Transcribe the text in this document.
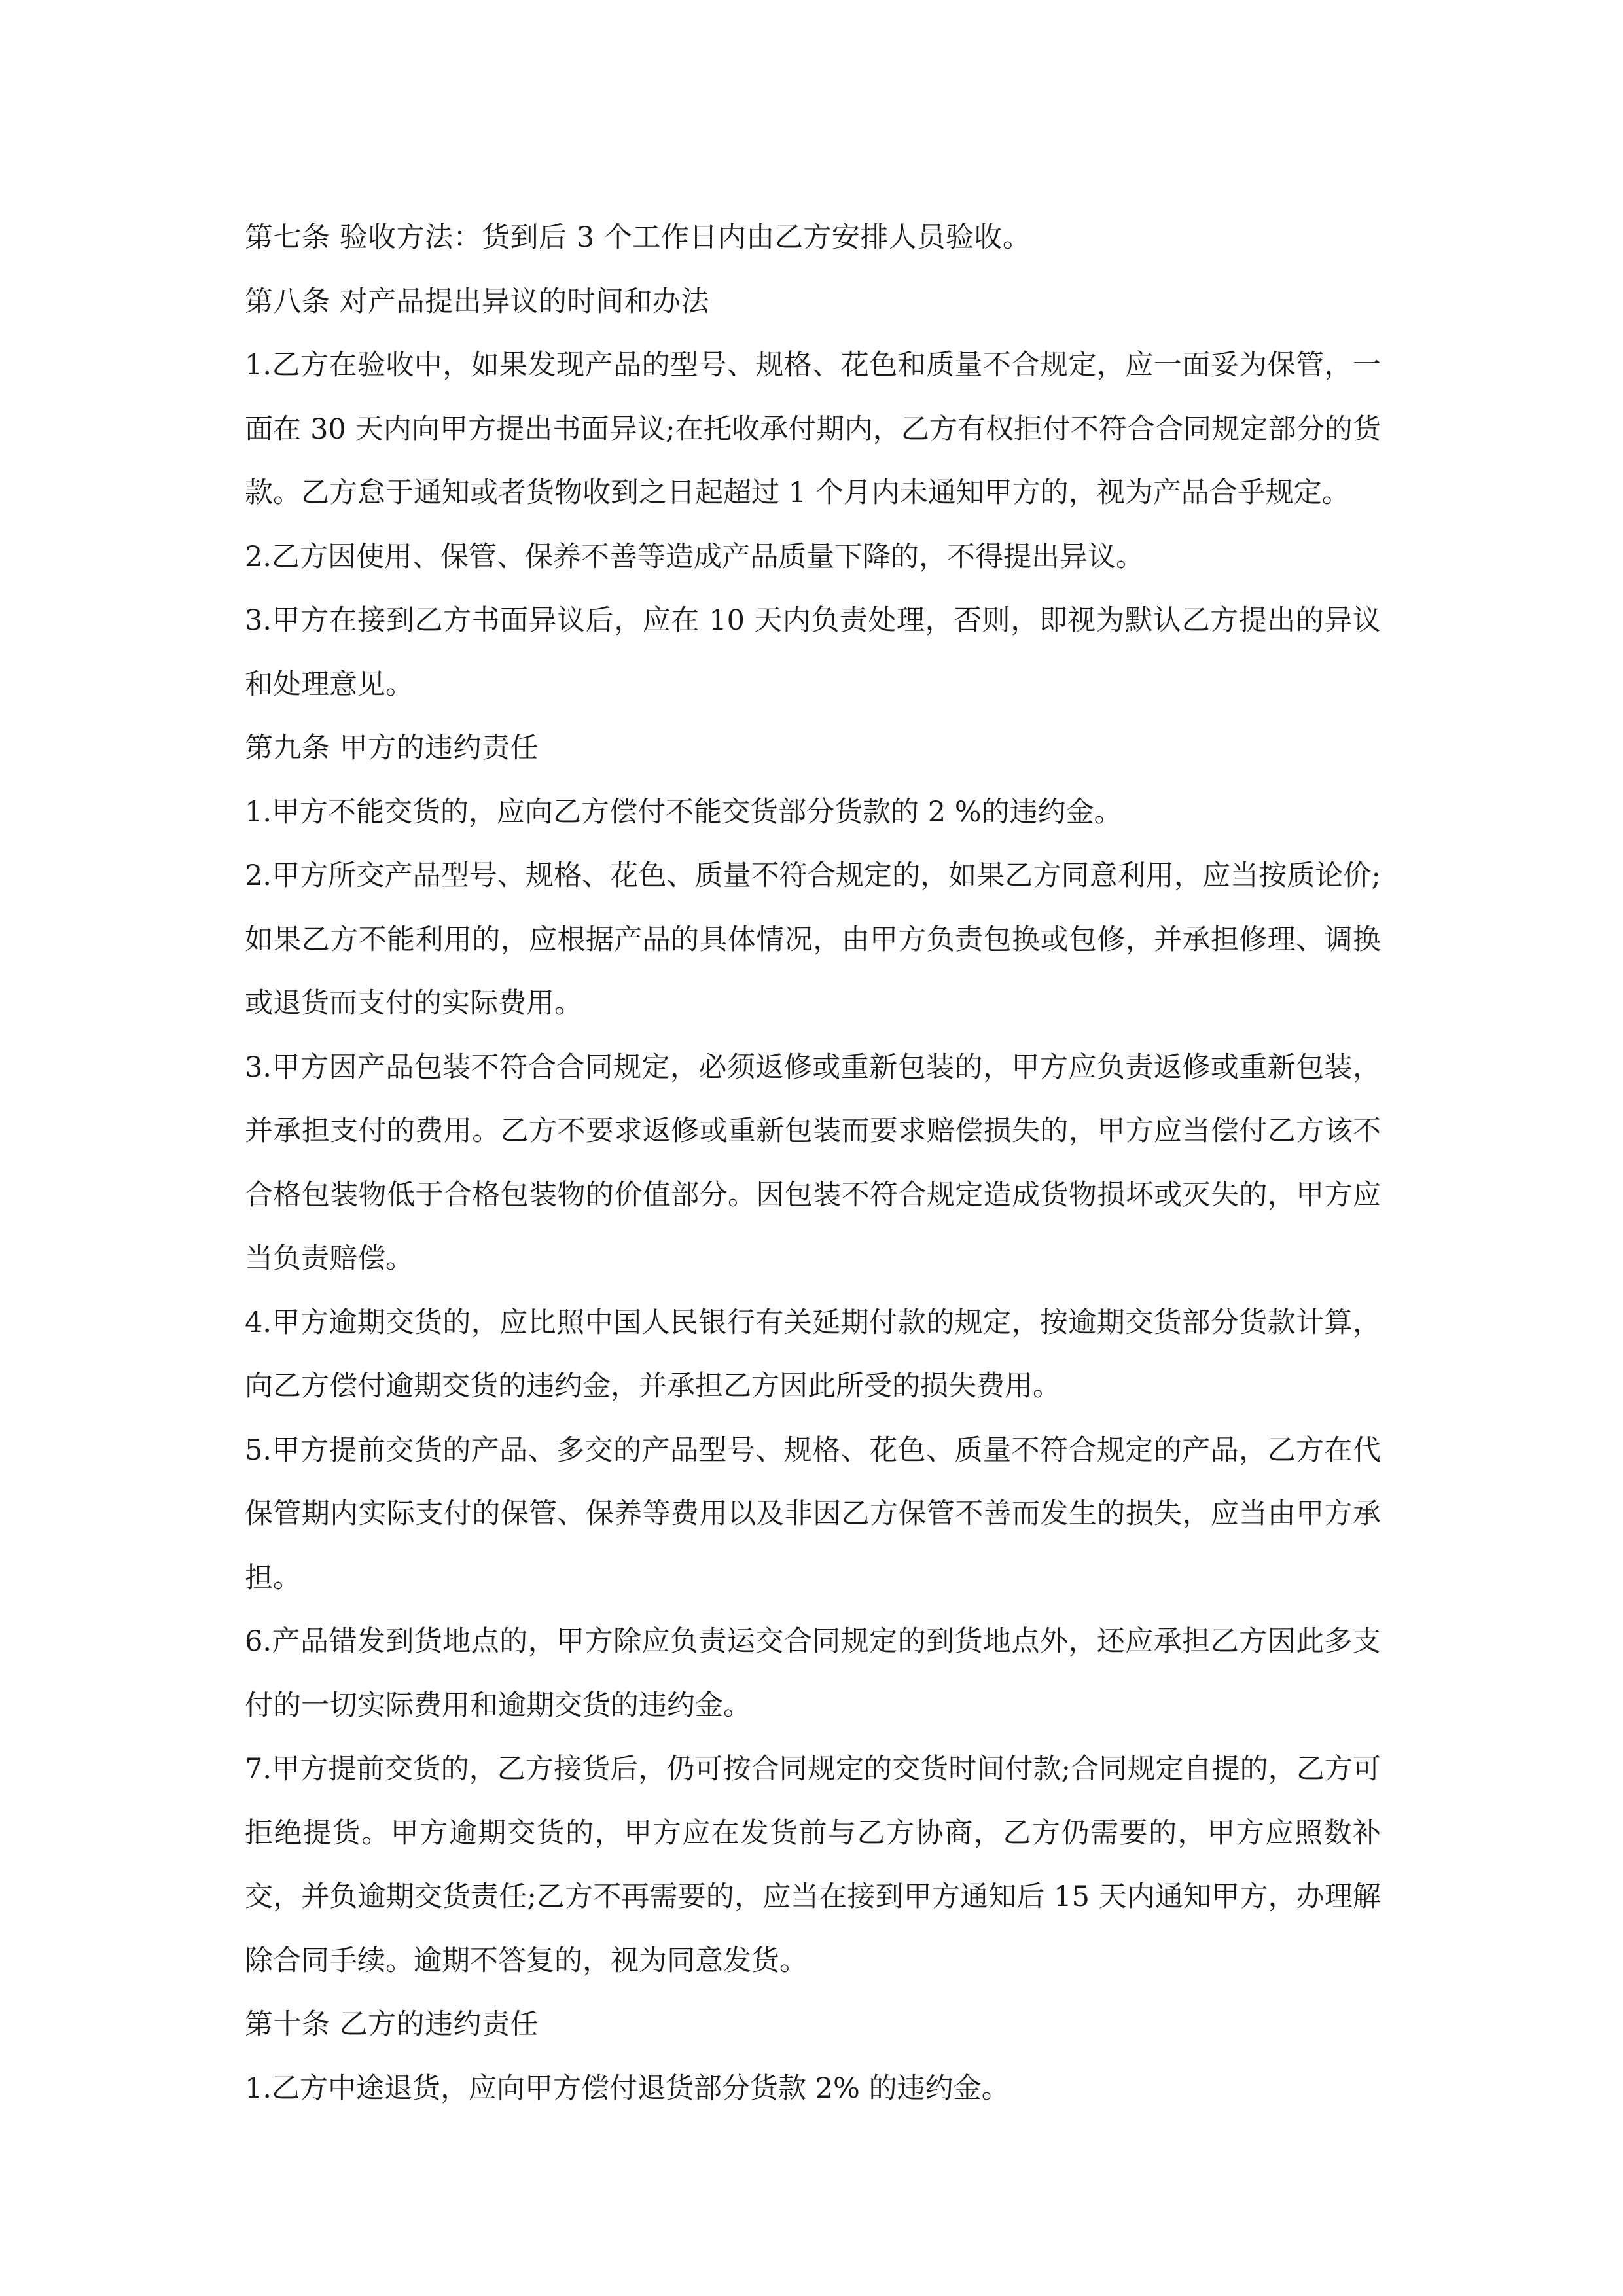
第七条 验收方法：货到后 3 个工作日内由乙方安排人员验收。

第八条 对产品提出异议的时间和办法

1.乙方在验收中，如果发现产品的型号、规格、花色和质量不合规定，应一面妥为保管，一面在 30 天内向甲方提出书面异议;在托收承付期内，乙方有权拒付不符合合同规定部分的货款。乙方怠于通知或者货物收到之日起超过 1 个月内未通知甲方的，视为产品合乎规定。

2.乙方因使用、保管、保养不善等造成产品质量下降的，不得提出异议。

3.甲方在接到乙方书面异议后，应在 10 天内负责处理，否则，即视为默认乙方提出的异议和处理意见。

第九条 甲方的违约责任

1.甲方不能交货的，应向乙方偿付不能交货部分货款的 2 %的违约金。

2.甲方所交产品型号、规格、花色、质量不符合规定的，如果乙方同意利用，应当按质论价;如果乙方不能利用的，应根据产品的具体情况，由甲方负责包换或包修，并承担修理、调换或退货而支付的实际费用。

3.甲方因产品包装不符合合同规定，必须返修或重新包装的，甲方应负责返修或重新包装，并承担支付的费用。乙方不要求返修或重新包装而要求赔偿损失的，甲方应当偿付乙方该不合格包装物低于合格包装物的价值部分。因包装不符合规定造成货物损坏或灭失的，甲方应当负责赔偿。

4.甲方逾期交货的，应比照中国人民银行有关延期付款的规定，按逾期交货部分货款计算，向乙方偿付逾期交货的违约金，并承担乙方因此所受的损失费用。

5.甲方提前交货的产品、多交的产品型号、规格、花色、质量不符合规定的产品，乙方在代保管期内实际支付的保管、保养等费用以及非因乙方保管不善而发生的损失，应当由甲方承担。

6.产品错发到货地点的，甲方除应负责运交合同规定的到货地点外，还应承担乙方因此多支付的一切实际费用和逾期交货的违约金。

7.甲方提前交货的，乙方接货后，仍可按合同规定的交货时间付款;合同规定自提的，乙方可拒绝提货。甲方逾期交货的，甲方应在发货前与乙方协商，乙方仍需要的，甲方应照数补交，并负逾期交货责任;乙方不再需要的，应当在接到甲方通知后 15 天内通知甲方，办理解除合同手续。逾期不答复的，视为同意发货。

第十条 乙方的违约责任

1.乙方中途退货，应向甲方偿付退货部分货款 2% 的违约金。
